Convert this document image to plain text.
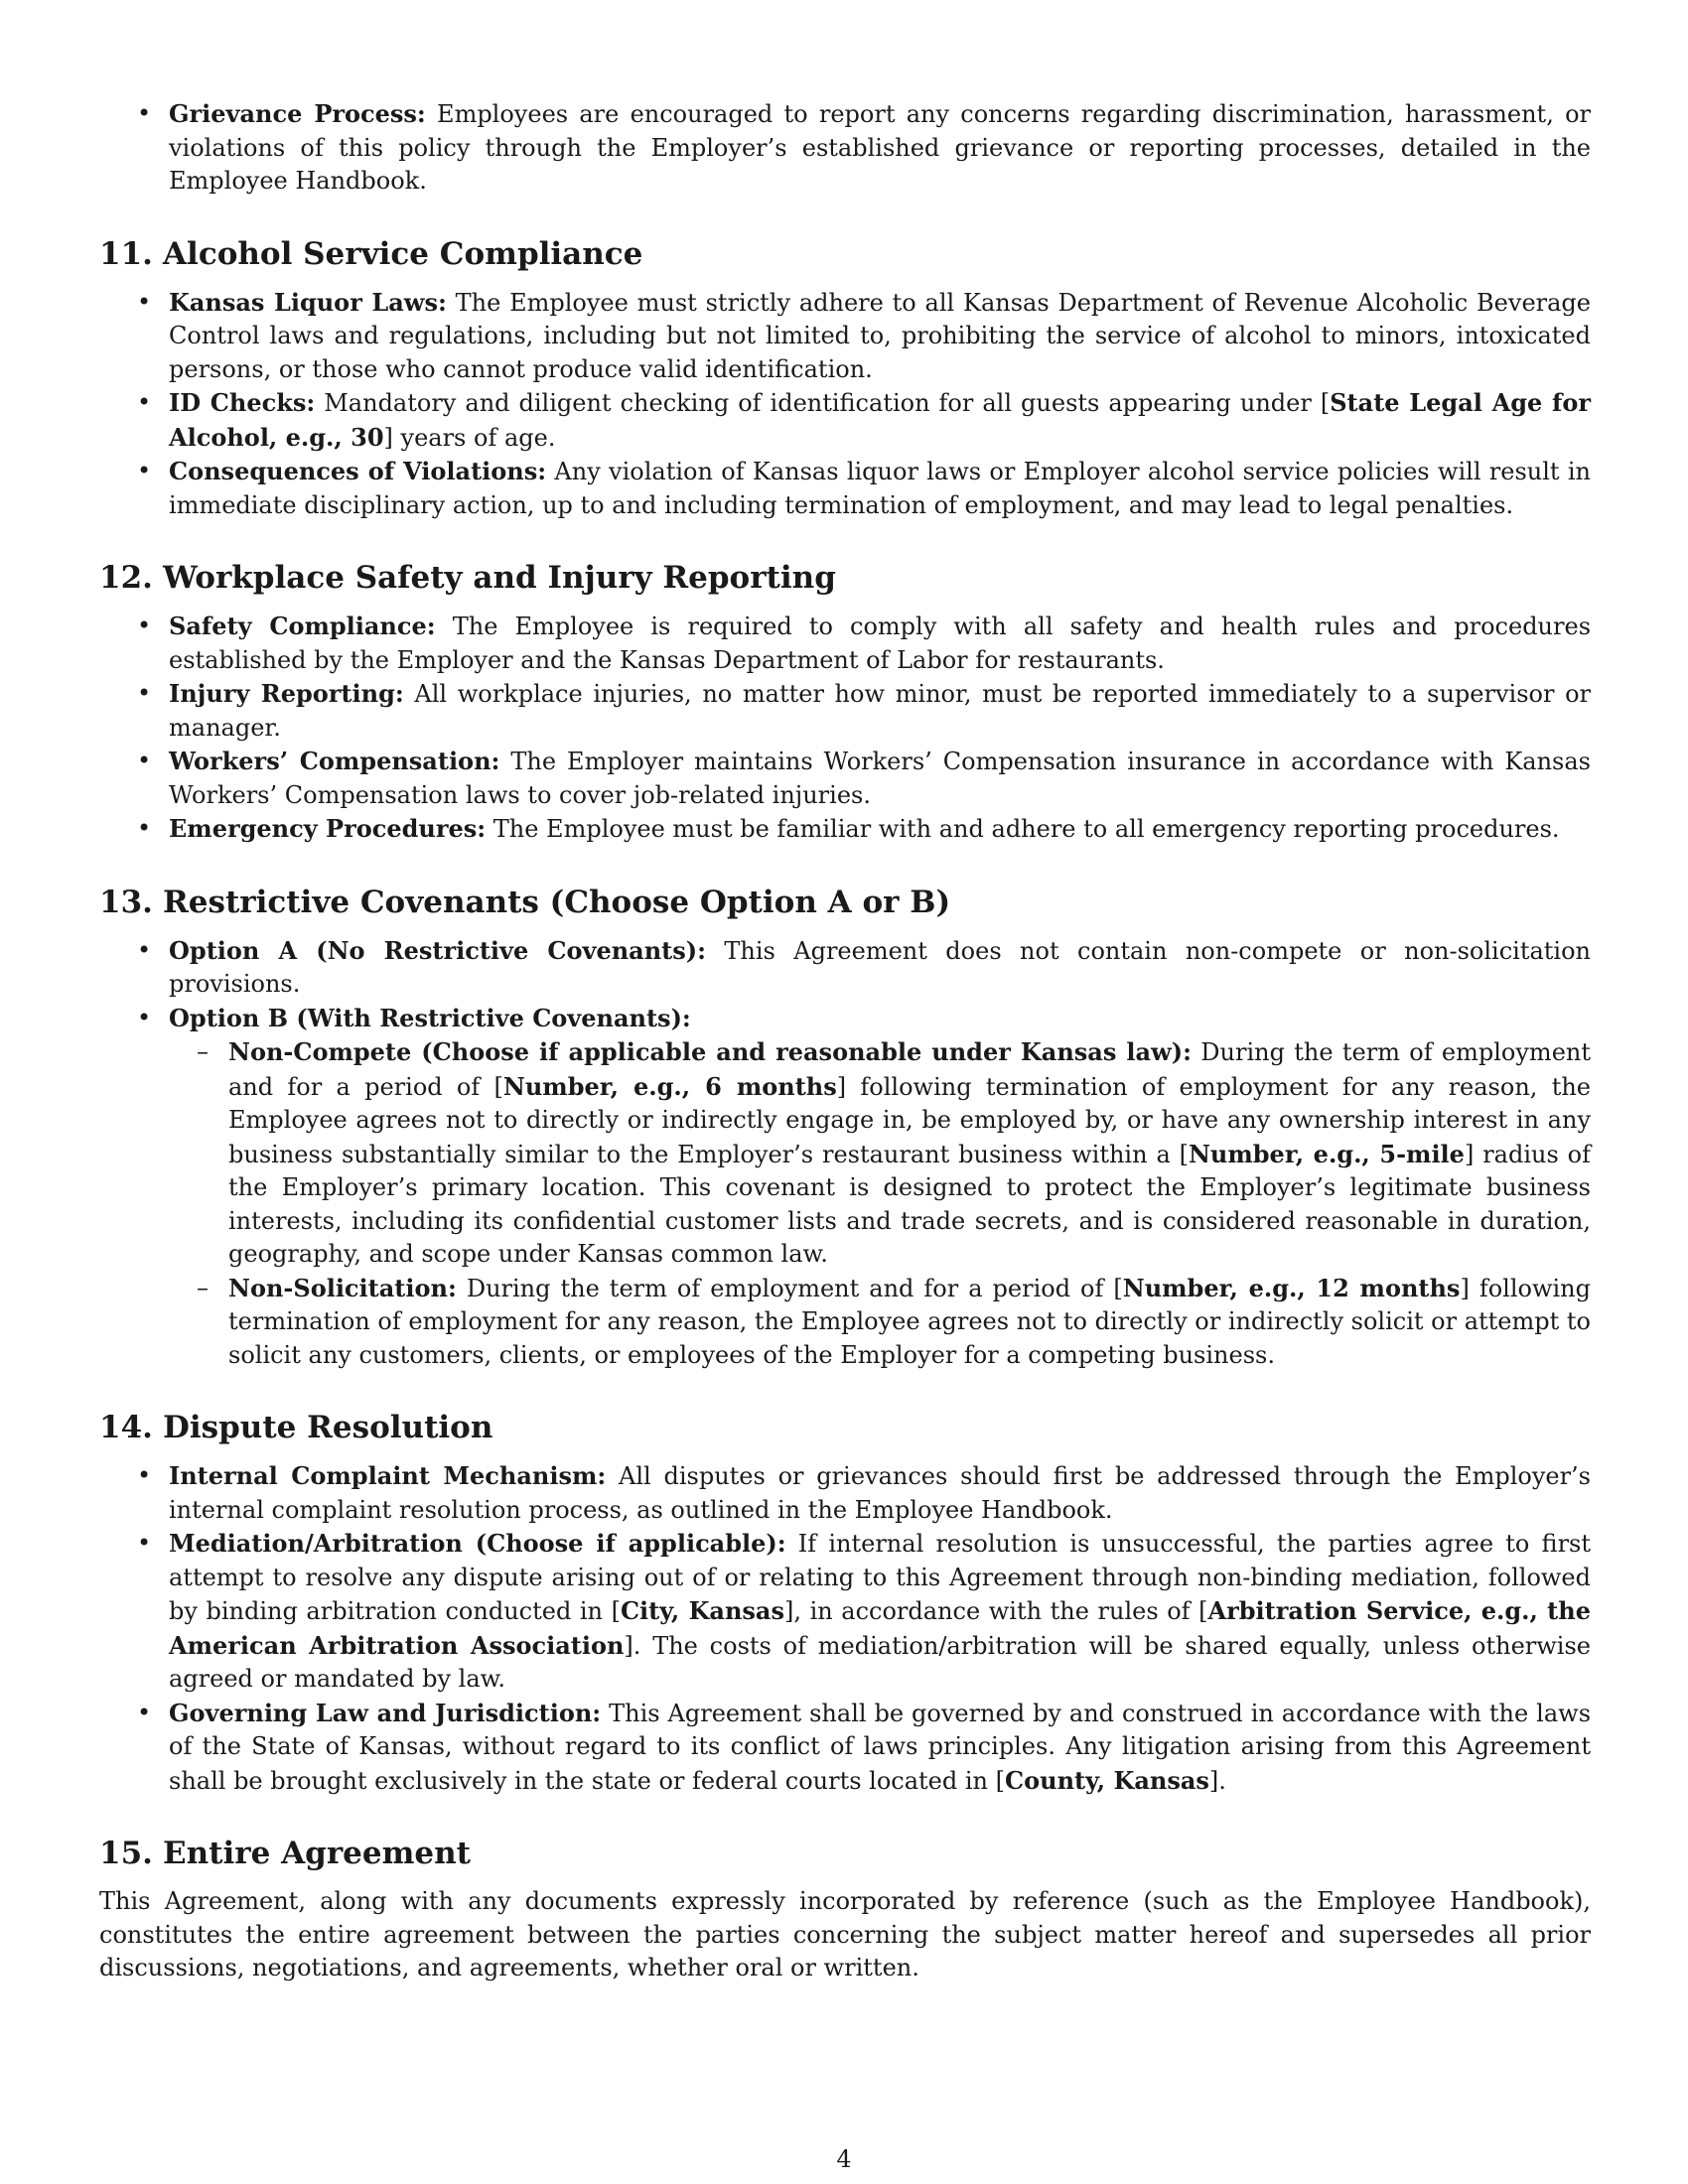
• Grievance Process: Employees are encouraged to report any concerns regarding discrimination, harassment, or violations of this policy through the Employer’s established grievance or reporting processes, detailed in the Employee Handbook.
11. Alcohol Service Compliance
• Kansas Liquor Laws: The Employee must strictly adhere to all Kansas Department of Revenue Alcoholic Beverage Control laws and regulations, including but not limited to, prohibiting the service of alcohol to minors, intoxicated persons, or those who cannot produce valid identification.
• ID Checks: Mandatory and diligent checking of identification for all guests appearing under [State Legal Age for Alcohol, e.g., 30] years of age.
• Consequences of Violations: Any violation of Kansas liquor laws or Employer alcohol service policies will result in immediate disciplinary action, up to and including termination of employment, and may lead to legal penalties.
12. Workplace Safety and Injury Reporting
• Safety Compliance: The Employee is required to comply with all safety and health rules and procedures established by the Employer and the Kansas Department of Labor for restaurants.
• Injury Reporting: All workplace injuries, no matter how minor, must be reported immediately to a supervisor or manager.
• Workers’ Compensation: The Employer maintains Workers’ Compensation insurance in accordance with Kansas Workers’ Compensation laws to cover job-related injuries.
• Emergency Procedures: The Employee must be familiar with and adhere to all emergency reporting procedures.
13. Restrictive Covenants (Choose Option A or B)
• Option A (No Restrictive Covenants): This Agreement does not contain non-compete or non-solicitation provisions.
• Option B (With Restrictive Covenants):
– Non-Compete (Choose if applicable and reasonable under Kansas law): During the term of employment and for a period of [Number, e.g., 6 months] following termination of employment for any reason, the Employee agrees not to directly or indirectly engage in, be employed by, or have any ownership interest in any business substantially similar to the Employer’s restaurant business within a [Number, e.g., 5-mile] radius of the Employer’s primary location. This covenant is designed to protect the Employer’s legitimate business interests, including its confidential customer lists and trade secrets, and is considered reasonable in duration, geography, and scope under Kansas common law.
– Non-Solicitation: During the term of employment and for a period of [Number, e.g., 12 months] following termination of employment for any reason, the Employee agrees not to directly or indirectly solicit or attempt to solicit any customers, clients, or employees of the Employer for a competing business.
14. Dispute Resolution
• Internal Complaint Mechanism: All disputes or grievances should first be addressed through the Employer’s internal complaint resolution process, as outlined in the Employee Handbook.
• Mediation/Arbitration (Choose if applicable): If internal resolution is unsuccessful, the parties agree to first attempt to resolve any dispute arising out of or relating to this Agreement through non-binding mediation, followed by binding arbitration conducted in [City, Kansas], in accordance with the rules of [Arbitration Service, e.g., the American Arbitration Association]. The costs of mediation/arbitration will be shared equally, unless otherwise agreed or mandated by law.
• Governing Law and Jurisdiction: This Agreement shall be governed by and construed in accordance with the laws of the State of Kansas, without regard to its conflict of laws principles. Any litigation arising from this Agreement shall be brought exclusively in the state or federal courts located in [County, Kansas].
15. Entire Agreement

This Agreement, along with any documents expressly incorporated by reference (such as the Employee Handbook), constitutes the entire agreement between the parties concerning the subject matter hereof and supersedes all prior discussions, negotiations, and agreements, whether oral or written.

4
